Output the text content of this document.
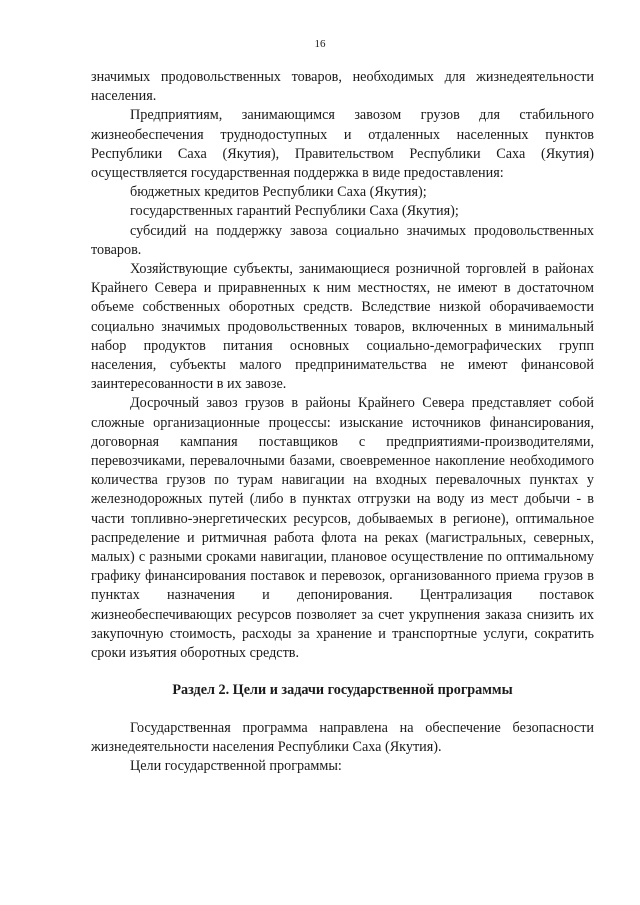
16

значимых продовольственных товаров, необходимых для жизнедеятельности населения.

Предприятиям, занимающимся завозом грузов для стабильного жизнеобеспечения труднодоступных и отдаленных населенных пунктов Республики Саха (Якутия), Правительством Республики Саха (Якутия) осуществляется государственная поддержка в виде предоставления:

бюджетных кредитов Республики Саха (Якутия);

государственных гарантий Республики Саха (Якутия);

субсидий на поддержку завоза социально значимых продовольственных товаров.

Хозяйствующие субъекты, занимающиеся розничной торговлей в районах Крайнего Севера и приравненных к ним местностях, не имеют в достаточном объеме собственных оборотных средств. Вследствие низкой оборачиваемости социально значимых продовольственных товаров, включенных в минимальный набор продуктов питания основных социально-демографических групп населения, субъекты малого предпринимательства не имеют финансовой заинтересованности в их завозе.

Досрочный завоз грузов в районы Крайнего Севера представляет собой сложные организационные процессы: изыскание источников финансирования, договорная кампания поставщиков с предприятиями-производителями, перевозчиками, перевалочными базами, своевременное накопление необходимого количества грузов по турам навигации на входных перевалочных пунктах у железнодорожных путей (либо в пунктах отгрузки на воду из мест добычи - в части топливно-энергетических ресурсов, добываемых в регионе), оптимальное распределение и ритмичная работа флота на реках (магистральных, северных, малых) с разными сроками навигации, плановое осуществление по оптимальному графику финансирования поставок и перевозок, организованного приема грузов в пунктах назначения и депонирования. Централизация поставок жизнеобеспечивающих ресурсов позволяет за счет укрупнения заказа снизить их закупочную стоимость, расходы за хранение и транспортные услуги, сократить сроки изъятия оборотных средств.

Раздел 2. Цели и задачи государственной программы

Государственная программа направлена на обеспечение безопасности жизнедеятельности населения Республики Саха (Якутия).

Цели государственной программы:
